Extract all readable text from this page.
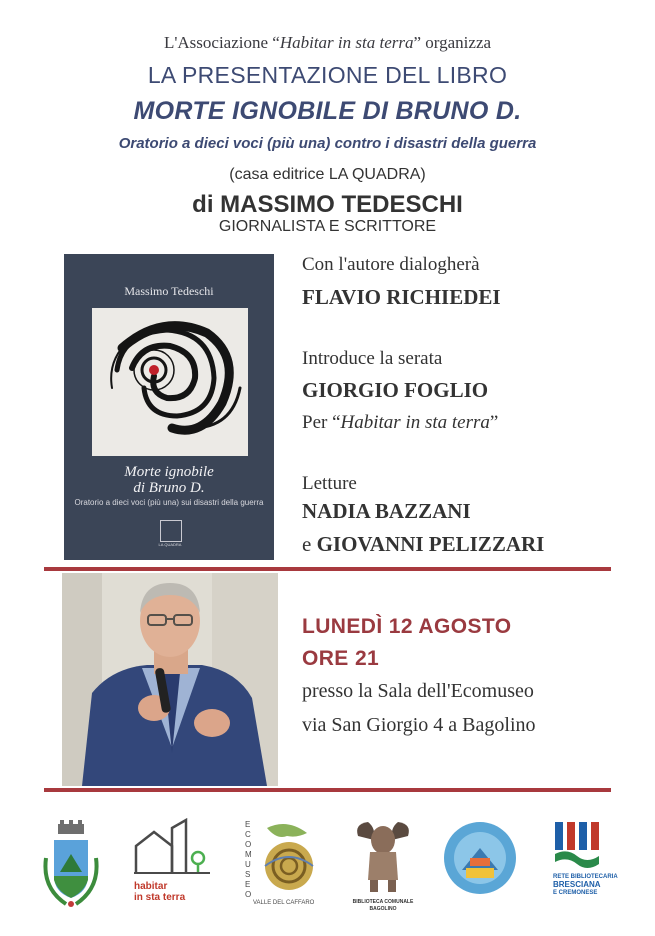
L'Associazione “Habitar in sta terra” organizza
LA PRESENTAZIONE DEL LIBRO
MORTE IGNOBILE DI BRUNO D.
Oratorio a dieci voci (più una) contro i disastri della guerra
(casa editrice LA QUADRA)
di MASSIMO TEDESCHI
GIORNALISTA E SCRITTORE
Massimo Tedeschi
Morte ignobile
di Bruno D.
Oratorio a dieci voci (più una) sui disastri della guerra
LA QUADRA
Con l'autore dialogherà
FLAVIO RICHIEDEI
Introduce la serata
GIORGIO FOGLIO
Per “Habitar in sta terra”
Letture
NADIA BAZZANI
e GIOVANNI PELIZZARI
LUNEDÌ 12 AGOSTO
ORE 21
presso la Sala dell'Ecomuseo
via San Giorgio 4 a Bagolino
habitar
in sta terra
ECOMUSEO
VALLE DEL CAFFARO	BIBLIOTECA COMUNALE
BAGOLINO
RETE BIBLIOTECARIA
BRESCIANA
E CREMONESE
